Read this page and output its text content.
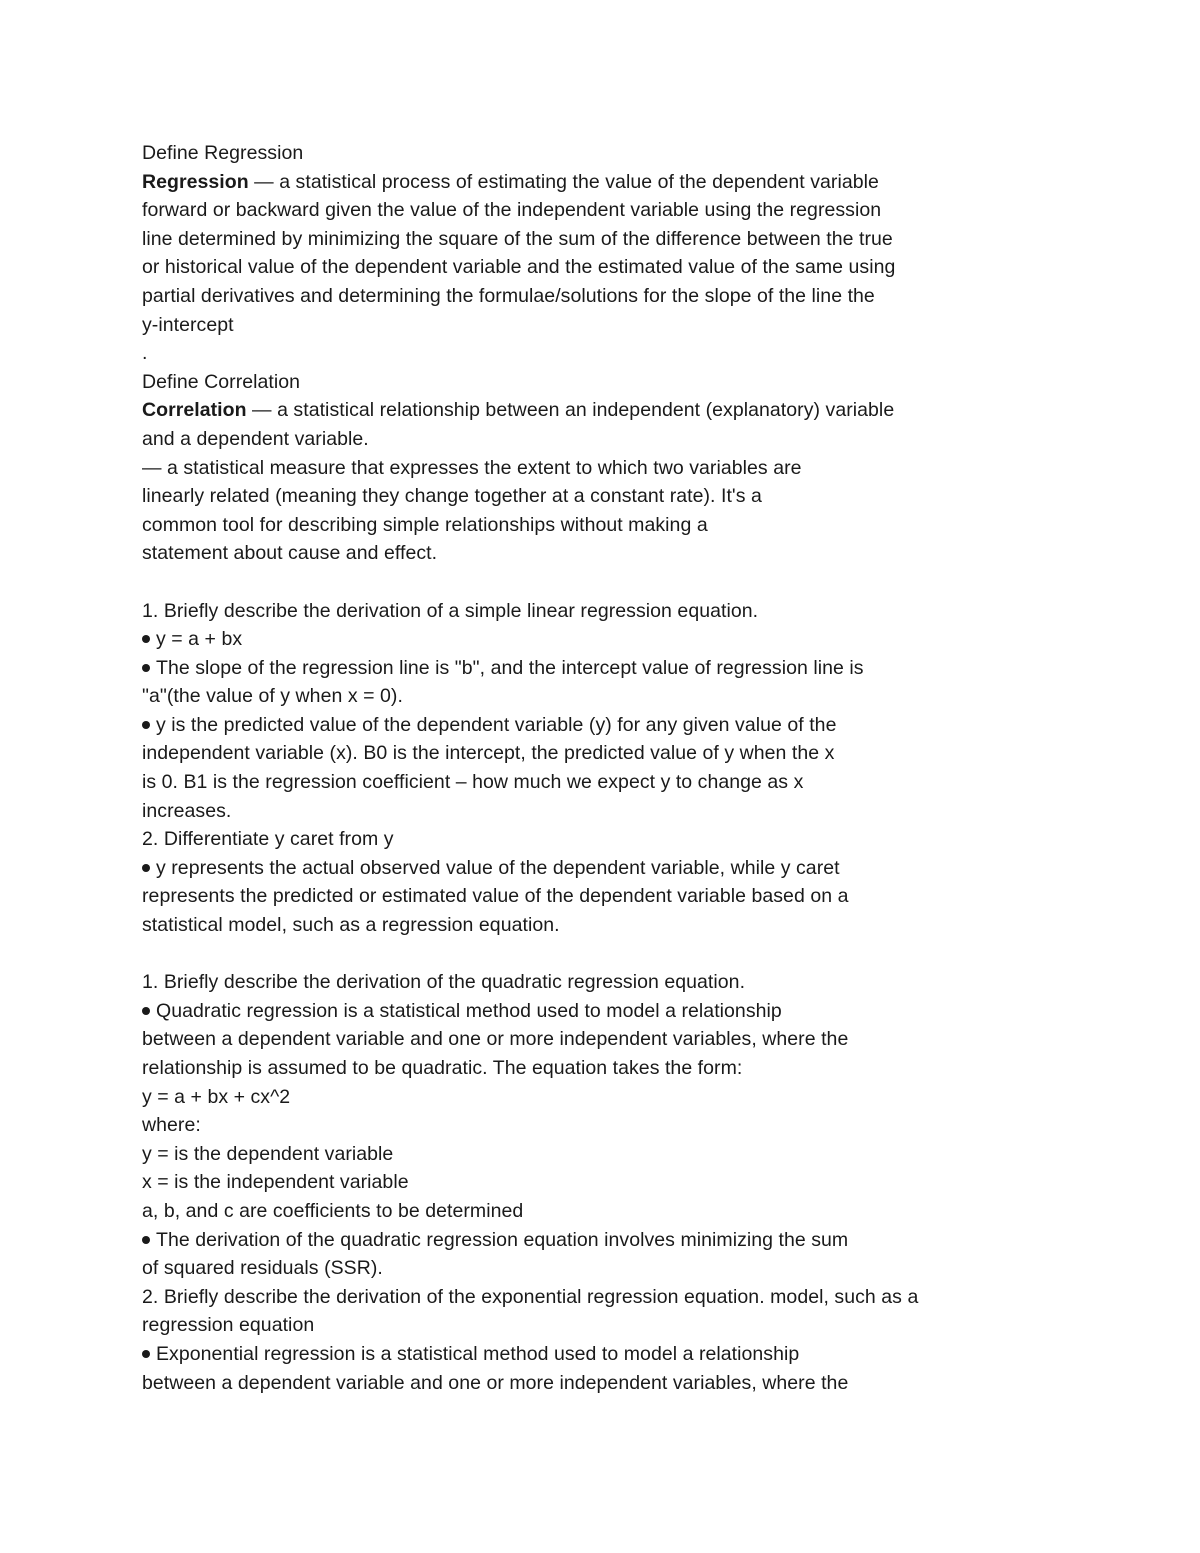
Define Regression
Regression — a statistical process of estimating the value of the dependent variable
forward or backward given the value of the independent variable using the regression
line determined by minimizing the square of the sum of the difference between the true
or historical value of the dependent variable and the estimated value of the same using
partial derivatives and determining the formulae/solutions for the slope of the line the
y-intercept
.
Define Correlation
Correlation — a statistical relationship between an independent (explanatory) variable
and a dependent variable.
— a statistical measure that expresses the extent to which two variables are
linearly related (meaning they change together at a constant rate). It's a
common tool for describing simple relationships without making a
statement about cause and effect.
1. Briefly describe the derivation of a simple linear regression equation.
y = a + bx
The slope of the regression line is "b", and the intercept value of regression line is
"a"(the value of y when x = 0).
y is the predicted value of the dependent variable (y) for any given value of the
independent variable (x). B0 is the intercept, the predicted value of y when the x
is 0. B1 is the regression coefficient – how much we expect y to change as x
increases.
2. Differentiate y caret from y
y represents the actual observed value of the dependent variable, while y caret
represents the predicted or estimated value of the dependent variable based on a
statistical model, such as a regression equation.
1. Briefly describe the derivation of the quadratic regression equation.
Quadratic regression is a statistical method used to model a relationship
between a dependent variable and one or more independent variables, where the
relationship is assumed to be quadratic. The equation takes the form:
y = a + bx + cx^2
where:
y = is the dependent variable
x = is the independent variable
a, b, and c are coefficients to be determined
The derivation of the quadratic regression equation involves minimizing the sum
of squared residuals (SSR).
2. Briefly describe the derivation of the exponential regression equation. model, such as a
regression equation
Exponential regression is a statistical method used to model a relationship
between a dependent variable and one or more independent variables, where the
